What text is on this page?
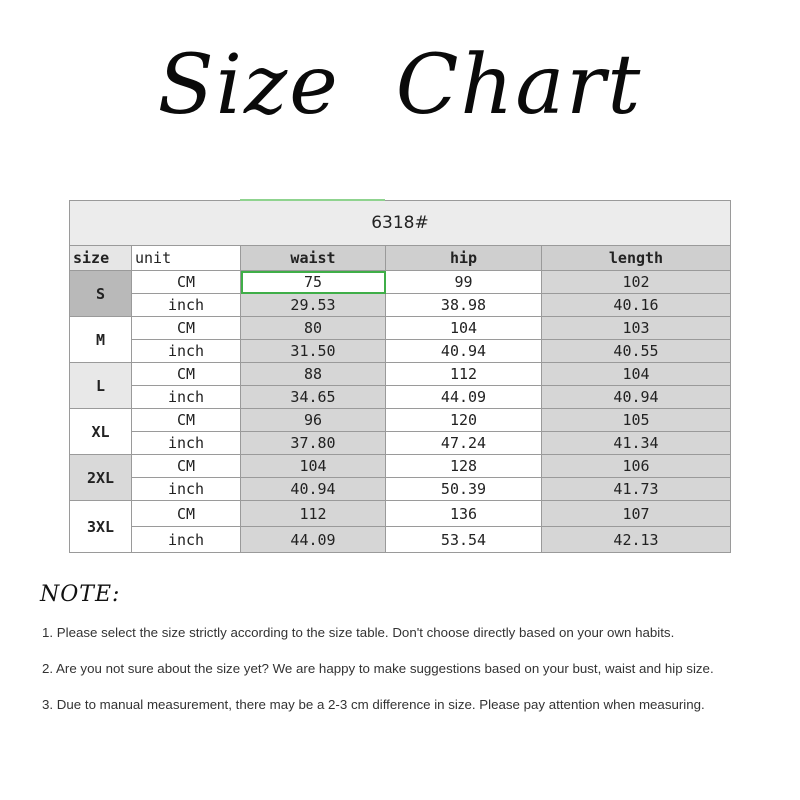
Size Chart
6318#				
size	unit	waist	hip	length
S	CM	75	99	102
	inch	29.53	38.98	40.16
M	CM	80	104	103
	inch	31.50	40.94	40.55
L	CM	88	112	104
	inch	34.65	44.09	40.94
XL	CM	96	120	105
	inch	37.80	47.24	41.34
2XL	CM	104	128	106
	inch	40.94	50.39	41.73
3XL	CM	112	136	107
	inch	44.09	53.54	42.13
NOTE:
1. Please select the size strictly according to the size table. Don't choose directly based on your own habits.
2. Are you not sure about the size yet? We are happy to make suggestions based on your bust, waist and hip size.
3. Due to manual measurement, there may be a 2-3 cm difference in size. Please pay attention when measuring.
